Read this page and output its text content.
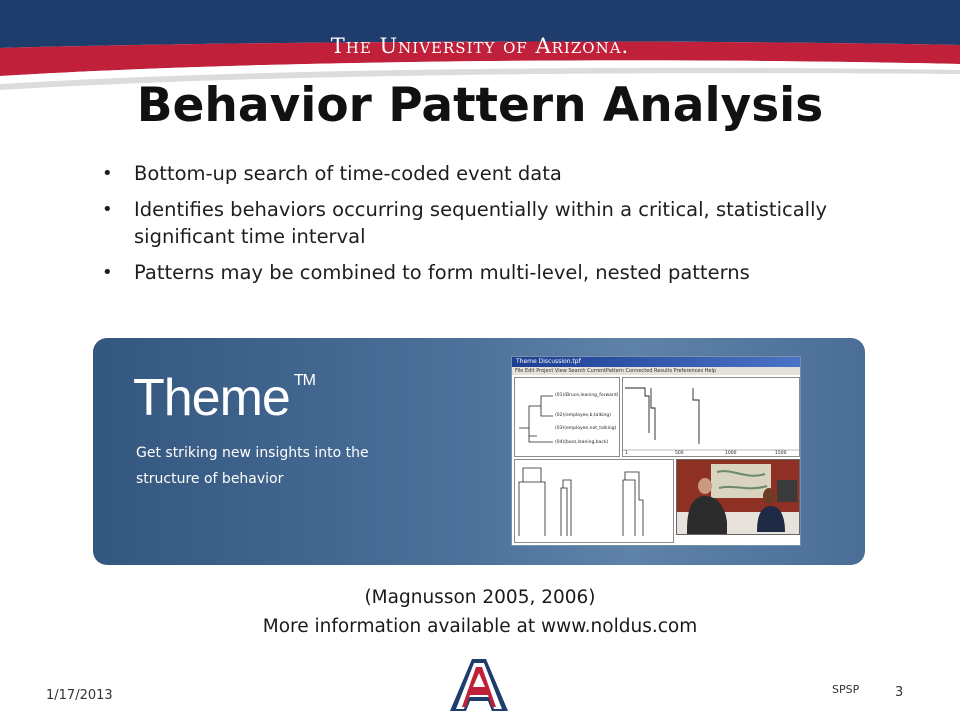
The University of Arizona.
Behavior Pattern Analysis
• Bottom-up search of time-coded event data
• Identifies behaviors occurring sequentially within a critical, statistically significant time interval
• Patterns may be combined to form multi-level, nested patterns
Theme ™
Get striking new insights into the
structure of behavior
Theme Discussion.tpf
File Edit Project View Search CurrentPattern Connected Results Preferences Help
(01)(Bruce,leaning_forward)
(02)(employee,b,talking)
(03)(employee,not_talking)
(04)(boss,leaning,back)
1	500	1000	1500
(Magnusson 2005, 2006)
More information available at www.noldus.com
1/17/2013	SPSP	3
